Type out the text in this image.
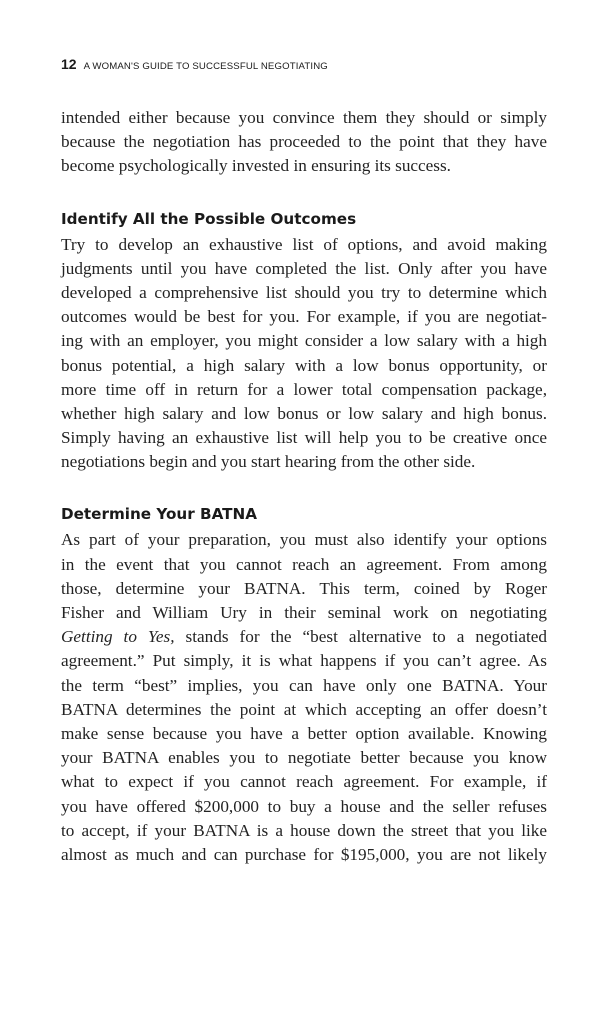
12 A WOMAN'S GUIDE TO SUCCESSFUL NEGOTIATING
intended either because you convince them they should or simply
because the negotiation has proceeded to the point that they have
become psychologically invested in ensuring its success.
Identify All the Possible Outcomes
Try to develop an exhaustive list of options, and avoid making
judgments until you have completed the list. Only after you have
developed a comprehensive list should you try to determine which
outcomes would be best for you. For example, if you are negotiat-
ing with an employer, you might consider a low salary with a high
bonus potential, a high salary with a low bonus opportunity, or
more time off in return for a lower total compensation package,
whether high salary and low bonus or low salary and high bonus.
Simply having an exhaustive list will help you to be creative once
negotiations begin and you start hearing from the other side.
Determine Your BATNA
As part of your preparation, you must also identify your options
in the event that you cannot reach an agreement. From among
those, determine your BATNA. This term, coined by Roger
Fisher and William Ury in their seminal work on negotiating
Getting to Yes, stands for the “best alternative to a negotiated
agreement.” Put simply, it is what happens if you can’t agree. As
the term “best” implies, you can have only one BATNA. Your
BATNA determines the point at which accepting an offer doesn’t
make sense because you have a better option available. Knowing
your BATNA enables you to negotiate better because you know
what to expect if you cannot reach agreement. For example, if
you have offered $200,000 to buy a house and the seller refuses
to accept, if your BATNA is a house down the street that you like
almost as much and can purchase for $195,000, you are not likely
